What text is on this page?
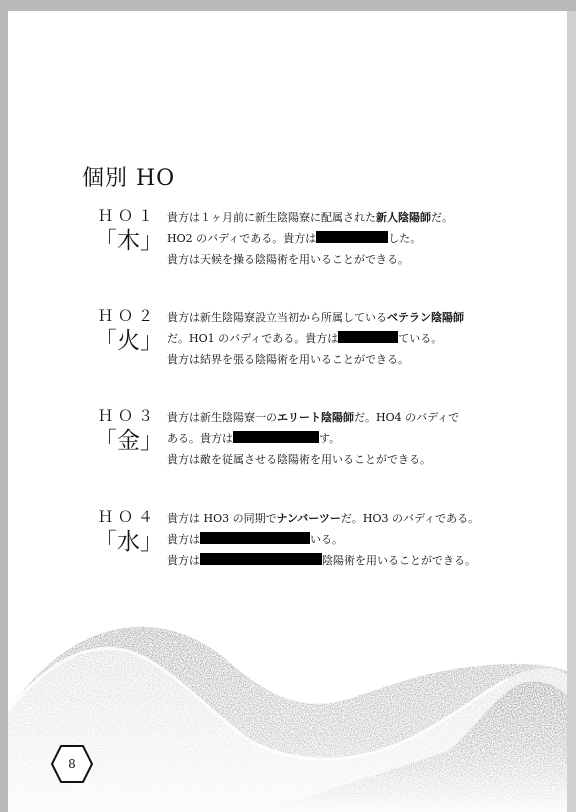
個別 HO
ＨＯ１
「木」
貴方は１ヶ月前に新生陰陽寮に配属された新人陰陽師だ。
HO2 のバディである。貴方は	した。
貴方は天候を操る陰陽術を用いることができる。
ＨＯ２
「火」
貴方は新生陰陽寮設立当初から所属しているベテラン陰陽師
だ。HO1 のバディである。貴方は	ている。
貴方は結界を張る陰陽術を用いることができる。
ＨＯ３
「金」
貴方は新生陰陽寮一のエリート陰陽師だ。HO4 のバディで
ある。貴方は	す。
貴方は敵を従属させる陰陽術を用いることができる。
ＨＯ４
「水」
貴方は HO3 の同期でナンバーツーだ。HO3 のバディである。
貴方は	いる。
貴方は	陰陽術を用いることができる。
8
